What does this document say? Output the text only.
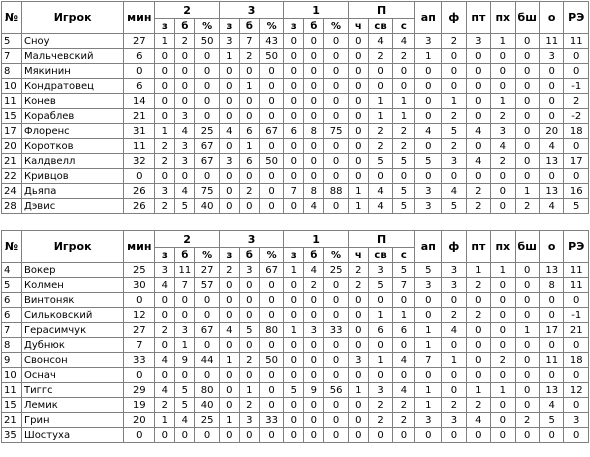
№	Игрок	мин	2			3			1			П			ап	ф	пт	пх	бш	о	РЭ
			з	б	%	з	б	%	з	б	%	ч	св	с							
5	Сноу	27	1	2	50	3	7	43	0	0	0	0	4	4	3	2	3	1	0	11	11
7	Мальчевский	6	0	0	0	1	2	50	0	0	0	0	2	2	1	0	0	0	0	3	0
8	Мякинин	0	0	0	0	0	0	0	0	0	0	0	0	0	0	0	0	0	0	0	0
10	Кондратовец	6	0	0	0	0	1	0	0	0	0	0	0	0	0	0	0	0	0	0	-1
11	Конев	14	0	0	0	0	0	0	0	0	0	0	1	1	0	1	0	1	0	0	2
15	Кораблев	21	0	3	0	0	0	0	0	0	0	0	1	1	0	2	0	2	0	0	-2
17	Флоренс	31	1	4	25	4	6	67	6	8	75	0	2	2	4	5	4	3	0	20	18
20	Коротков	11	2	3	67	0	1	0	0	0	0	0	2	2	0	2	0	4	0	4	0
21	Калдвелл	32	2	3	67	3	6	50	0	0	0	0	5	5	5	3	4	2	0	13	17
22	Кривцов	0	0	0	0	0	0	0	0	0	0	0	0	0	0	0	0	0	0	0	0
24	Дьяпа	26	3	4	75	0	2	0	7	8	88	1	4	5	3	4	2	0	1	13	16
28	Дэвис	26	2	5	40	0	0	0	0	4	0	1	4	5	3	5	2	0	2	4	5
№	Игрок	мин	2			3			1			П			ап	ф	пт	пх	бш	о	РЭ
			з	б	%	з	б	%	з	б	%	ч	св	с							
4	Вокер	25	3	11	27	2	3	67	1	4	25	2	3	5	5	3	1	1	0	13	11
5	Колмен	30	4	7	57	0	0	0	0	2	0	2	5	7	3	3	2	0	0	8	11
6	Винтоняк	0	0	0	0	0	0	0	0	0	0	0	0	0	0	0	0	0	0	0	0
6	Сильковский	12	0	0	0	0	0	0	0	0	0	0	1	1	0	2	2	0	0	0	-1
7	Герасимчук	27	2	3	67	4	5	80	1	3	33	0	6	6	1	4	0	0	1	17	21
8	Дубнюк	7	0	1	0	0	0	0	0	0	0	0	0	0	1	0	0	0	0	0	0
9	Свонсон	33	4	9	44	1	2	50	0	0	0	3	1	4	7	1	0	2	0	11	18
10	Оснач	0	0	0	0	0	0	0	0	0	0	0	0	0	0	0	0	0	0	0	0
11	Тиггс	29	4	5	80	0	1	0	5	9	56	1	3	4	1	0	1	1	0	13	12
15	Лемик	19	2	5	40	0	2	0	0	0	0	0	2	2	1	2	2	0	0	4	0
21	Грин	20	1	4	25	1	3	33	0	0	0	0	2	2	3	3	4	0	2	5	3
35	Шостуха	0	0	0	0	0	0	0	0	0	0	0	0	0	0	0	0	0	0	0	0
